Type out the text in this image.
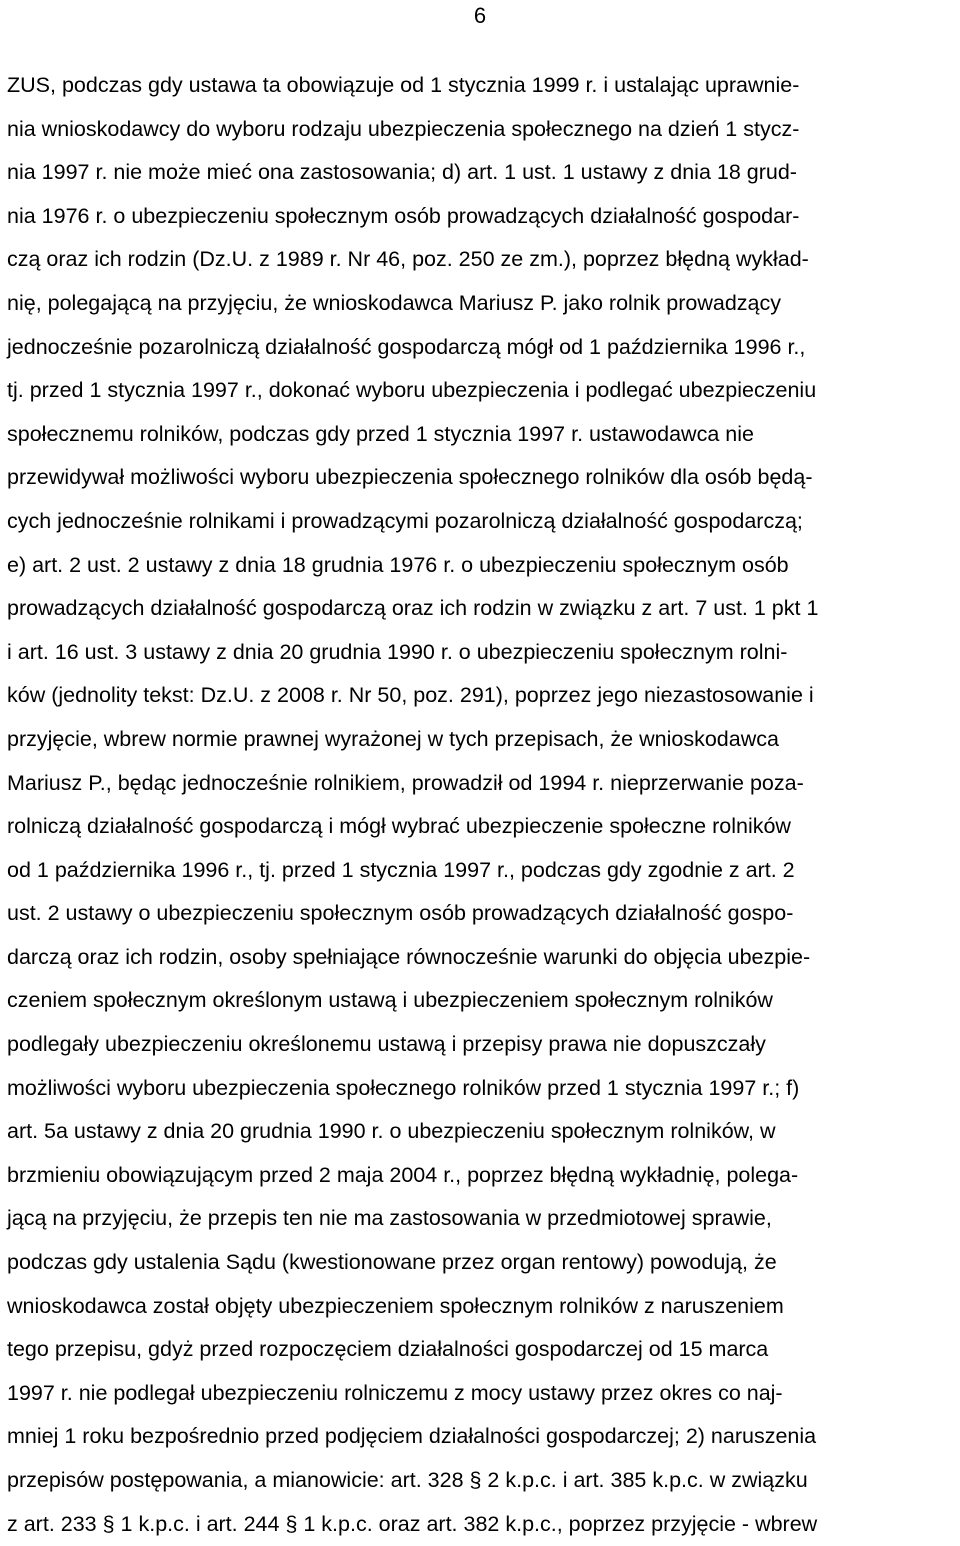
6
ZUS, podczas gdy ustawa ta obowiązuje od 1 stycznia 1999 r. i ustalając uprawnie-
nia wnioskodawcy do wyboru rodzaju ubezpieczenia społecznego na dzień 1 stycz-
nia 1997 r. nie może mieć ona zastosowania; d) art. 1 ust. 1 ustawy z dnia 18 grud-
nia 1976 r. o ubezpieczeniu społecznym osób prowadzących działalność gospodar-
czą oraz ich rodzin (Dz.U. z 1989 r. Nr 46, poz. 250 ze zm.), poprzez błędną wykład-
nię, polegającą na przyjęciu, że wnioskodawca Mariusz P. jako rolnik prowadzący
jednocześnie pozarolniczą działalność gospodarczą mógł od 1 października 1996 r.,
tj. przed 1 stycznia 1997 r., dokonać wyboru ubezpieczenia i podlegać ubezpieczeniu
społecznemu rolników, podczas gdy przed 1 stycznia 1997 r. ustawodawca nie
przewidywał możliwości wyboru ubezpieczenia społecznego rolników dla osób będą-
cych jednocześnie rolnikami i prowadzącymi pozarolniczą działalność gospodarczą;
e) art. 2 ust. 2 ustawy z dnia 18 grudnia 1976 r. o ubezpieczeniu społecznym osób
prowadzących działalność gospodarczą oraz ich rodzin w związku z art. 7 ust. 1 pkt 1
i art. 16 ust. 3 ustawy z dnia 20 grudnia 1990 r. o ubezpieczeniu społecznym rolni-
ków (jednolity tekst: Dz.U. z 2008 r. Nr 50, poz. 291), poprzez jego niezastosowanie i
przyjęcie, wbrew normie prawnej wyrażonej w tych przepisach, że wnioskodawca
Mariusz P., będąc jednocześnie rolnikiem, prowadził od 1994 r. nieprzerwanie poza-
rolniczą działalność gospodarczą i mógł wybrać ubezpieczenie społeczne rolników
od 1 października 1996 r., tj. przed 1 stycznia 1997 r., podczas gdy zgodnie z art. 2
ust. 2 ustawy o ubezpieczeniu społecznym osób prowadzących działalność gospo-
darczą oraz ich rodzin, osoby spełniające równocześnie warunki do objęcia ubezpie-
czeniem społecznym określonym ustawą i ubezpieczeniem społecznym rolników
podlegały ubezpieczeniu określonemu ustawą i przepisy prawa nie dopuszczały
możliwości wyboru ubezpieczenia społecznego rolników przed 1 stycznia 1997 r.; f)
art. 5a ustawy z dnia 20 grudnia 1990 r. o ubezpieczeniu społecznym rolników, w
brzmieniu obowiązującym przed 2 maja 2004 r., poprzez błędną wykładnię, polega-
jącą na przyjęciu, że przepis ten nie ma zastosowania w przedmiotowej sprawie,
podczas gdy ustalenia Sądu (kwestionowane przez organ rentowy) powodują, że
wnioskodawca został objęty ubezpieczeniem społecznym rolników z naruszeniem
tego przepisu, gdyż przed rozpoczęciem działalności gospodarczej od 15 marca
1997 r. nie podlegał ubezpieczeniu rolniczemu z mocy ustawy przez okres co naj-
mniej 1 roku bezpośrednio przed podjęciem działalności gospodarczej; 2) naruszenia
przepisów postępowania, a mianowicie: art. 328 § 2 k.p.c. i art. 385 k.p.c. w związku
z art. 233 § 1 k.p.c. i art. 244 § 1 k.p.c. oraz art. 382 k.p.c., poprzez przyjęcie - wbrew
